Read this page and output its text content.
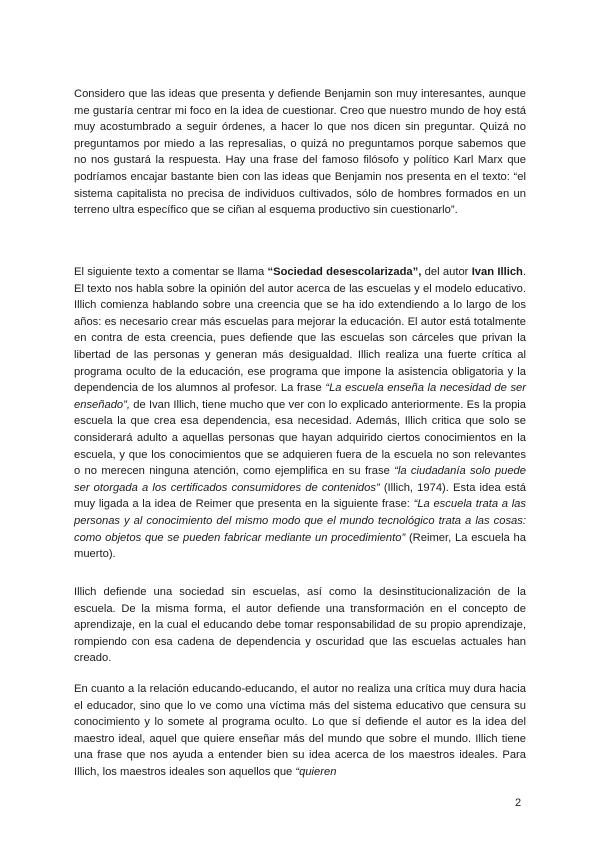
Considero que las ideas que presenta y defiende Benjamin son muy interesantes, aunque me gustaría centrar mi foco en la idea de cuestionar. Creo que nuestro mundo de hoy está muy acostumbrado a seguir órdenes, a hacer lo que nos dicen sin preguntar. Quizá no preguntamos por miedo a las represalias, o quizá no preguntamos porque sabemos que no nos gustará la respuesta. Hay una frase del famoso filósofo y político Karl Marx que podríamos encajar bastante bien con las ideas que Benjamin nos presenta en el texto: “el sistema capitalista no precisa de individuos cultivados, sólo de hombres formados en un terreno ultra específico que se ciñan al esquema productivo sin cuestionarlo”.

El siguiente texto a comentar se llama “Sociedad desescolarizada”, del autor Ivan Illich. El texto nos habla sobre la opinión del autor acerca de las escuelas y el modelo educativo. Illich comienza hablando sobre una creencia que se ha ido extendiendo a lo largo de los años: es necesario crear más escuelas para mejorar la educación. El autor está totalmente en contra de esta creencia, pues defiende que las escuelas son cárceles que privan la libertad de las personas y generan más desigualdad. Illich realiza una fuerte crítica al programa oculto de la educación, ese programa que impone la asistencia obligatoria y la dependencia de los alumnos al profesor. La frase “La escuela enseña la necesidad de ser enseñado”, de Ivan Illich, tiene mucho que ver con lo explicado anteriormente. Es la propia escuela la que crea esa dependencia, esa necesidad. Además, Illich critica que solo se considerará adulto a aquellas personas que hayan adquirido ciertos conocimientos en la escuela, y que los conocimientos que se adquieren fuera de la escuela no son relevantes o no merecen ninguna atención, como ejemplifica en su frase “la ciudadanía solo puede ser otorgada a los certificados consumidores de contenidos” (Illich, 1974). Esta idea está muy ligada a la idea de Reimer que presenta en la siguiente frase: “La escuela trata a las personas y al conocimiento del mismo modo que el mundo tecnológico trata a las cosas: como objetos que se pueden fabricar mediante un procedimiento” (Reimer, La escuela ha muerto).

Illich defiende una sociedad sin escuelas, así como la desinstitucionalización de la escuela. De la misma forma, el autor defiende una transformación en el concepto de aprendizaje, en la cual el educando debe tomar responsabilidad de su propio aprendizaje, rompiendo con esa cadena de dependencia y oscuridad que las escuelas actuales han creado.

En cuanto a la relación educando-educando, el autor no realiza una crítica muy dura hacia el educador, sino que lo ve como una víctima más del sistema educativo que censura su conocimiento y lo somete al programa oculto. Lo que sí defiende el autor es la idea del maestro ideal, aquel que quiere enseñar más del mundo que sobre el mundo. Illich tiene una frase que nos ayuda a entender bien su idea acerca de los maestros ideales. Para Illich, los maestros ideales son aquellos que “quieren

2
